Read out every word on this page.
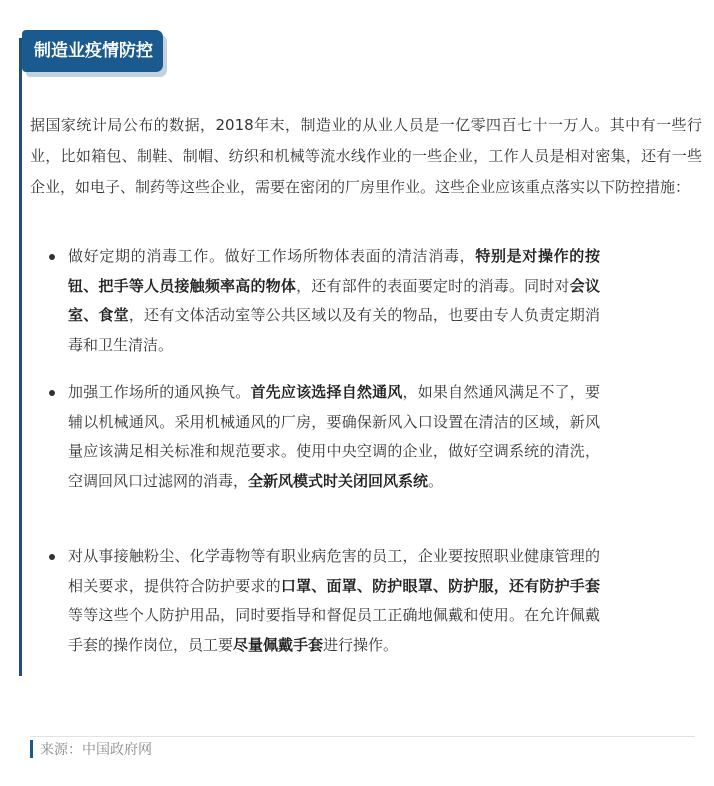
制造业疫情防控

据国家统计局公布的数据，2018年末，制造业的从业人员是一亿零四百七十一万人。其中有一些行业，比如箱包、制鞋、制帽、纺织和机械等流水线作业的一些企业，工作人员是相对密集，还有一些企业，如电子、制药等这些企业，需要在密闭的厂房里作业。这些企业应该重点落实以下防控措施：

做好定期的消毒工作。做好工作场所物体表面的清洁消毒，特别是对操作的按钮、把手等人员接触频率高的物体，还有部件的表面要定时的消毒。同时对会议室、食堂，还有文体活动室等公共区域以及有关的物品，也要由专人负责定期消毒和卫生清洁。
加强工作场所的通风换气。首先应该选择自然通风，如果自然通风满足不了，要辅以机械通风。采用机械通风的厂房，要确保新风入口设置在清洁的区域，新风量应该满足相关标准和规范要求。使用中央空调的企业，做好空调系统的清洗，空调回风口过滤网的消毒，全新风模式时关闭回风系统。
对从事接触粉尘、化学毒物等有职业病危害的员工，企业要按照职业健康管理的相关要求，提供符合防护要求的口罩、面罩、防护眼罩、防护服，还有防护手套等等这些个人防护用品，同时要指导和督促员工正确地佩戴和使用。在允许佩戴手套的操作岗位，员工要尽量佩戴手套进行操作。
来源：中国政府网
